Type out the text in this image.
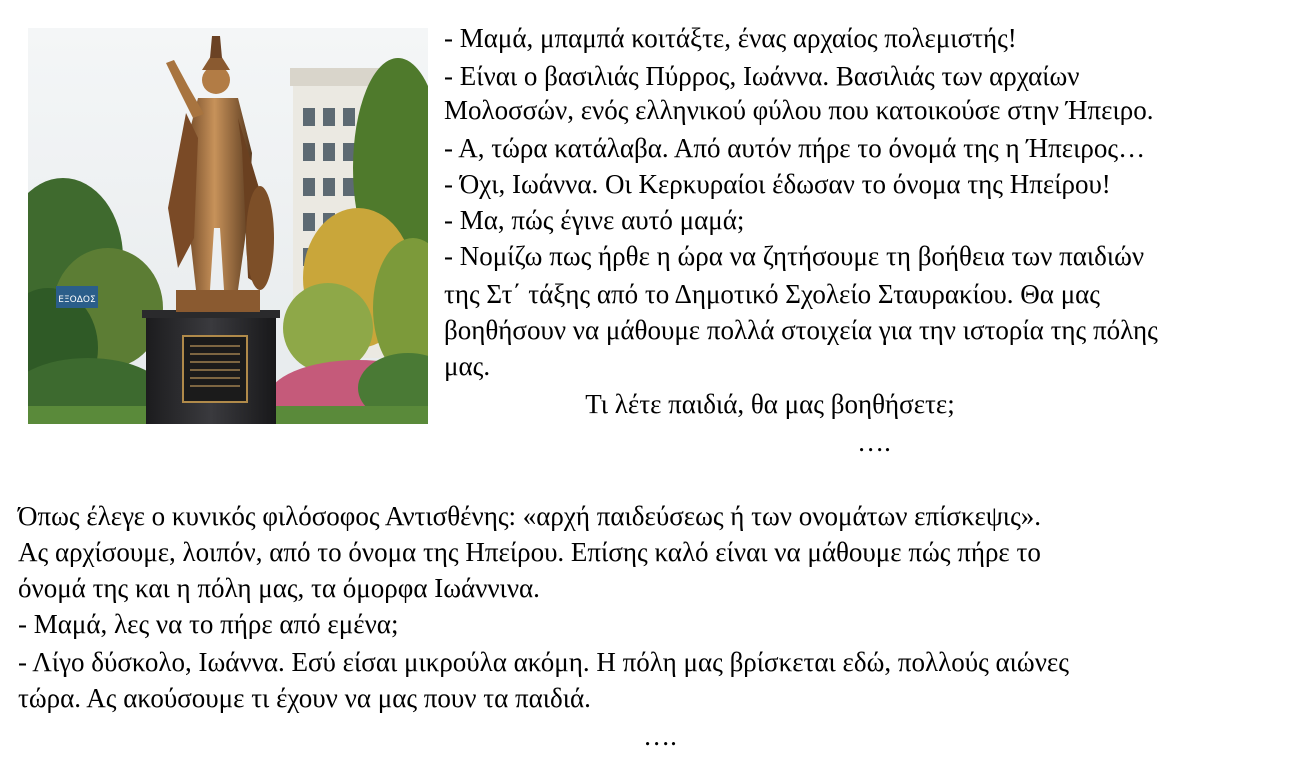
ΕΞΟΔΟΣ
- Μαμά, μπαμπά κοιτάξτε, ένας αρχαίος πολεμιστής!
- Είναι ο βασιλιάς Πύρρος, Ιωάννα. Βασιλιάς των αρχαίων
Μολοσσών, ενός ελληνικού φύλου που κατοικούσε στην Ήπειρο.
- Α, τώρα κατάλαβα. Από αυτόν πήρε το όνομά της η Ήπειρος…
- Όχι, Ιωάννα. Οι Κερκυραίοι έδωσαν το όνομα της Ηπείρου!
- Μα, πώς έγινε αυτό μαμά;
- Νομίζω πως ήρθε η ώρα να ζητήσουμε τη βοήθεια των παιδιών
της Στ΄ τάξης από το Δημοτικό Σχολείο Σταυρακίου. Θα μας
βοηθήσουν να μάθουμε πολλά στοιχεία για την ιστορία της πόλης
μας.
Τι λέτε παιδιά, θα μας βοηθήσετε;
….
Όπως έλεγε ο κυνικός φιλόσοφος Αντισθένης: «αρχή παιδεύσεως ή των ονομάτων επίσκεψις».
Ας αρχίσουμε, λοιπόν, από το όνομα της Ηπείρου. Επίσης καλό είναι να μάθουμε πώς πήρε το
όνομά της και η πόλη μας, τα όμορφα Ιωάννινα.
- Μαμά, λες να το πήρε από εμένα;
- Λίγο δύσκολο, Ιωάννα. Εσύ είσαι μικρούλα ακόμη. Η πόλη μας βρίσκεται εδώ, πολλούς αιώνες
τώρα. Ας ακούσουμε τι έχουν να μας πουν τα παιδιά.
….
